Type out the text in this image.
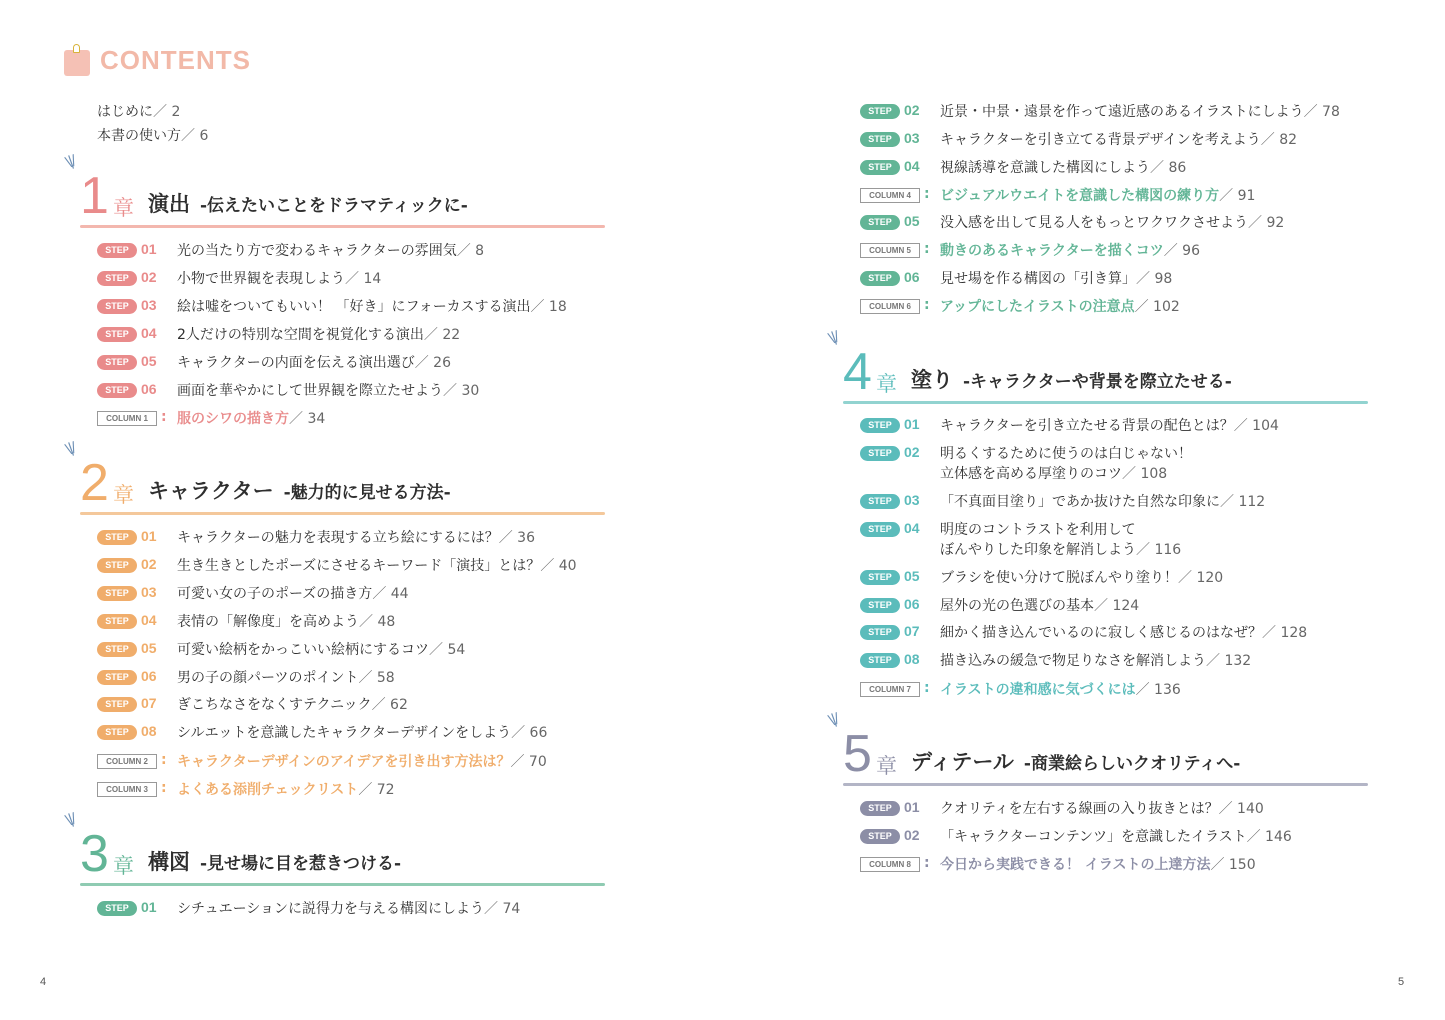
CONTENTS
はじめに／ 2
本書の使い方／ 6
\|/
1 章 演出 -伝えたいことをドラマティックに-
STEP 01	光の当たり方で変わるキャラクターの雰囲気／ 8
STEP 02	小物で世界観を表現しよう／ 14
STEP 03	絵は嘘をついてもいい！ 「好き」にフォーカスする演出／ 18
STEP 04	2人だけの特別な空間を視覚化する演出／ 22
STEP 05	キャラクターの内面を伝える演出選び／ 26
STEP 06	画面を華やかにして世界観を際立たせよう／ 30
COLUMN 1 : 服のシワの描き方／ 34
\|/
2 章 キャラクター -魅力的に見せる方法-
STEP 01	キャラクターの魅力を表現する立ち絵にするには？／ 36
STEP 02	生き生きとしたポーズにさせるキーワード「演技」とは？／ 40
STEP 03	可愛い女の子のポーズの描き方／ 44
STEP 04	表情の「解像度」を高めよう／ 48
STEP 05	可愛い絵柄をかっこいい絵柄にするコツ／ 54
STEP 06	男の子の顔パーツのポイント／ 58
STEP 07	ぎこちなさをなくすテクニック／ 62
STEP 08	シルエットを意識したキャラクターデザインをしよう／ 66
COLUMN 2 : キャラクターデザインのアイデアを引き出す方法は？／ 70
COLUMN 3 : よくある添削チェックリスト／ 72
\|/
3 章 構図 -見せ場に目を惹きつける-
STEP 01	シチュエーションに説得力を与える構図にしよう／ 74
STEP 02	近景・中景・遠景を作って遠近感のあるイラストにしよう／ 78
STEP 03	キャラクターを引き立てる背景デザインを考えよう／ 82
STEP 04	視線誘導を意識した構図にしよう／ 86
COLUMN 4 : ビジュアルウエイトを意識した構図の練り方／ 91
STEP 05	没入感を出して見る人をもっとワクワクさせよう／ 92
COLUMN 5 : 動きのあるキャラクターを描くコツ／ 96
STEP 06	見せ場を作る構図の「引き算」／ 98
COLUMN 6 : アップにしたイラストの注意点／ 102
\|/
4 章 塗り -キャラクターや背景を際立たせる-
STEP 01	キャラクターを引き立たせる背景の配色とは？／ 104
STEP 02	明るくするために使うのは白じゃない！
立体感を高める厚塗りのコツ／ 108
STEP 03	「不真面目塗り」であか抜けた自然な印象に／ 112
STEP 04	明度のコントラストを利用して
ぼんやりした印象を解消しよう／ 116
STEP 05	ブラシを使い分けて脱ぼんやり塗り！／ 120
STEP 06	屋外の光の色選びの基本／ 124
STEP 07	細かく描き込んでいるのに寂しく感じるのはなぜ？／ 128
STEP 08	描き込みの緩急で物足りなさを解消しよう／ 132
COLUMN 7 : イラストの違和感に気づくには／ 136
\|/
5 章 ディテール -商業絵らしいクオリティへ-
STEP 01	クオリティを左右する線画の入り抜きとは？／ 140
STEP 02	「キャラクターコンテンツ」を意識したイラスト／ 146
COLUMN 8 : 今日から実践できる！ イラストの上達方法／ 150
4	5
